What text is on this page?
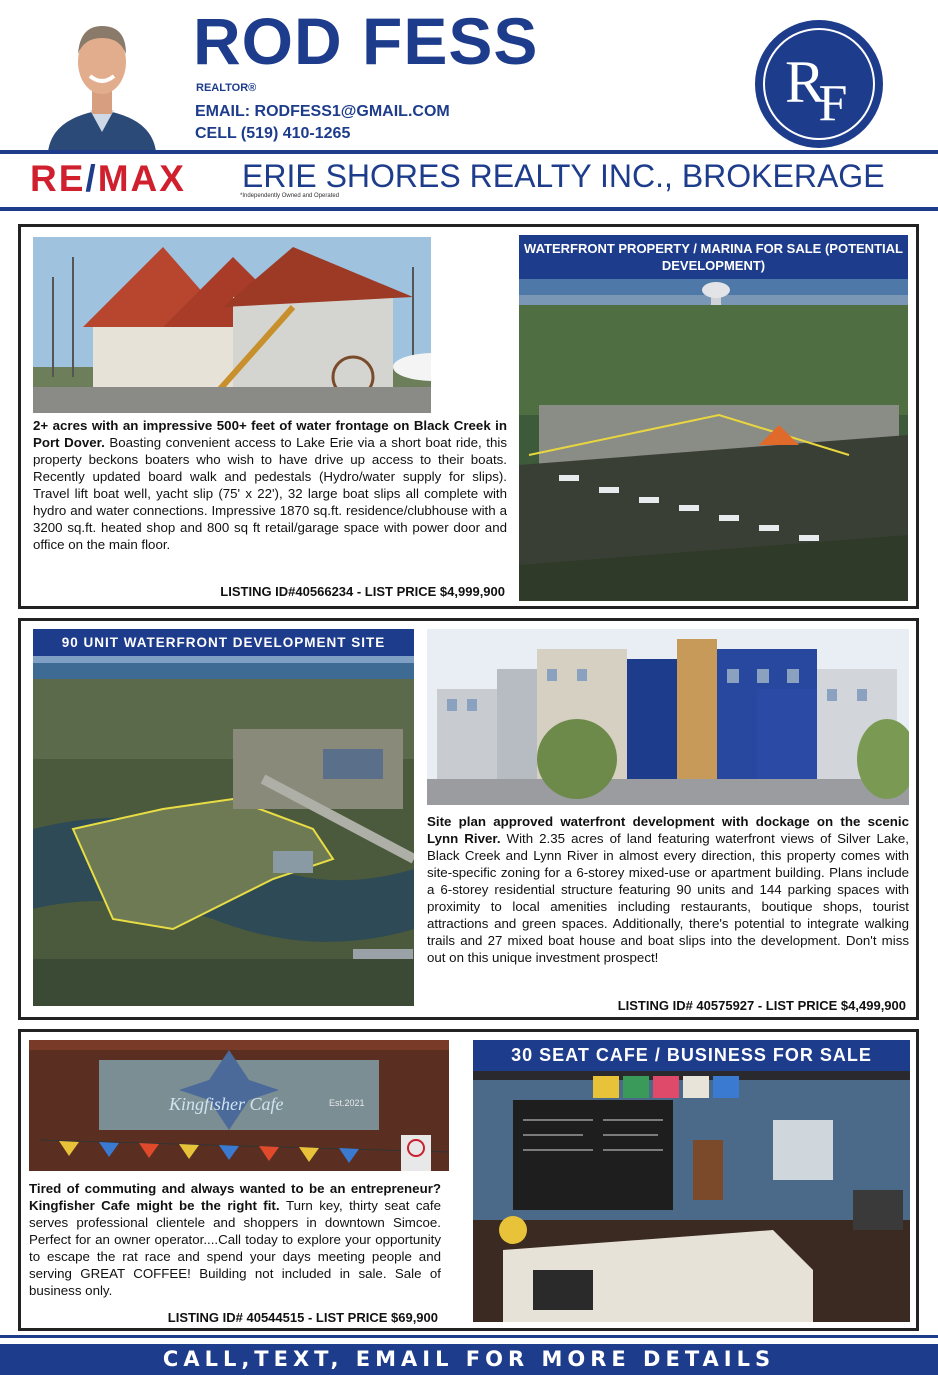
ROD FESS
REALTOR®
EMAIL: RODFESS1@GMAIL.COM
CELL (519) 410-1265
R
F
RE/MAX ERIE SHORES REALTY INC., BROKERAGE
*Independently Owned and Operated
WATERFRONT PROPERTY / MARINA FOR SALE (POTENTIAL DEVELOPMENT)
2+ acres with an impressive 500+ feet of water frontage on Black Creek in Port Dover. Boasting convenient access to Lake Erie via a short boat ride, this property beckons boaters who wish to have drive up access to their boats. Recently updated board walk and pedestals (Hydro/water supply for slips). Travel lift boat well, yacht slip (75' x 22'), 32 large boat slips all complete with hydro and water connections. Impressive 1870 sq.ft. residence/clubhouse with a 3200 sq.ft. heated shop and 800 sq ft retail/garage space with power door and office on the main floor.
LISTING ID#40566234 - LIST PRICE $4,999,900
90 UNIT WATERFRONT DEVELOPMENT SITE
Site plan approved waterfront development with dockage on the scenic Lynn River. With 2.35 acres of land featuring waterfront views of Silver Lake, Black Creek and Lynn River in almost every direction, this property comes with site-specific zoning for a 6-storey mixed-use or apartment building. Plans include a 6-storey residential structure featuring 90 units and 144 parking spaces with proximity to local amenities including restaurants, boutique shops, tourist attractions and green spaces. Additionally, there's potential to integrate walking trails and 27 mixed boat house and boat slips into the development. Don't miss out on this unique investment prospect!
LISTING ID# 40575927 - LIST PRICE $4,499,900
Kingfisher Cafe	Est.2021
30 SEAT CAFE / BUSINESS FOR SALE
Tired of commuting and always wanted to be an entrepreneur? Kingfisher Cafe might be the right fit. Turn key, thirty seat cafe serves professional clientele and shoppers in downtown Simcoe. Perfect for an owner operator....Call today to explore your opportunity to escape the rat race and spend your days meeting people and serving GREAT COFFEE! Building not included in sale. Sale of business only.
LISTING ID# 40544515 - LIST PRICE $69,900
CALL,TEXT, EMAIL FOR MORE DETAILS
